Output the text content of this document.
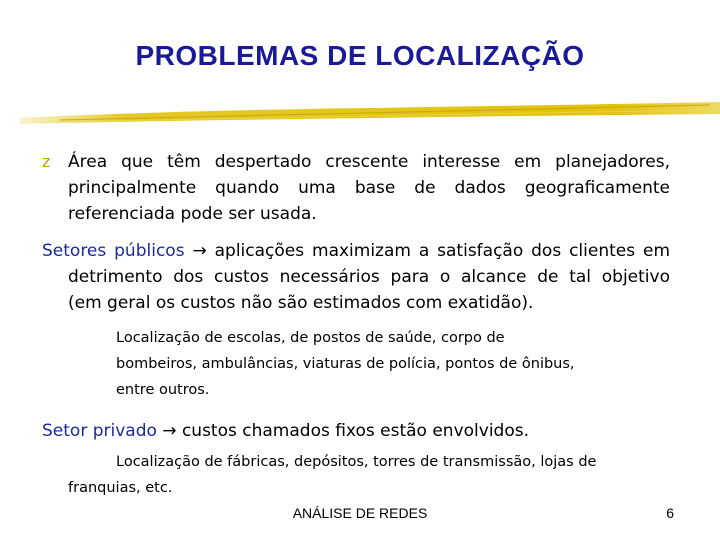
PROBLEMAS DE LOCALIZAÇÃO
z	Área que têm despertado crescente interesse em planejadores,
principalmente quando uma base de dados geograficamente
referenciada pode ser usada.
Setores públicos → aplicações maximizam a satisfação dos clientes em
detrimento dos custos necessários para o alcance de tal objetivo
(em geral os custos não são estimados com exatidão).
Localização de escolas, de postos de saúde, corpo de
bombeiros, ambulâncias, viaturas de polícia, pontos de ônibus,
entre outros.
Setor privado → custos chamados fixos estão envolvidos.
Localização de fábricas, depósitos, torres de transmissão, lojas de
franquias, etc.
ANÁLISE DE REDES	6
